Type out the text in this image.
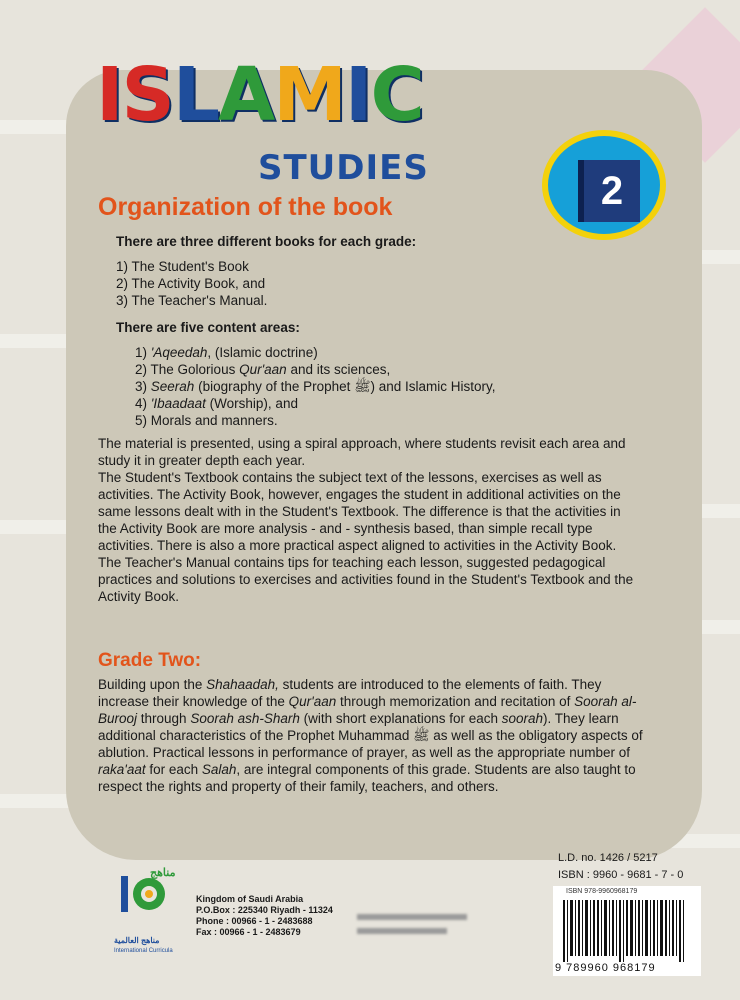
ISLAMIC
STUDIES
2
Organization of the book

There are three different books for each grade:

1) The Student's Book
2) The Activity Book, and
3) The Teacher's Manual.

There are five content areas:

1) 'Aqeedah, (Islamic doctrine)
2) The Golorious Qur'aan and its sciences,
3) Seerah (biography of the Prophet ﷺ) and Islamic History,
4) 'Ibaadaat (Worship), and
5) Morals and manners.
The material is presented, using a spiral approach, where students revisit each area and study it in greater depth each year.
The Student's Textbook contains the subject text of the lessons, exercises as well as activities. The Activity Book, however, engages the student in additional activities on the same lessons dealt with in the Student's Textbook. The difference is that the activities in the Activity Book are more analysis - and - synthesis based, than simple recall type activities. There is also a more practical aspect aligned to activities in the Activity Book.
The Teacher's Manual contains tips for teaching each lesson, suggested pedagogical practices and solutions to exercises and activities found in the Student's Textbook and the Activity Book.
Grade Two:

Building upon the Shahaadah, students are introduced to the elements of faith. They increase their knowledge of the Qur'aan through memorization and recitation of Soorah al-Burooj through Soorah ash-Sharh (with short explanations for each soorah). They learn additional characteristics of the Prophet Muhammad ﷺ as well as the obligatory aspects of ablution. Practical lessons in performance of prayer, as well as the appropriate number of raka'aat for each Salah, are integral components of this grade. Students are also taught to respect the rights and property of their family, teachers, and others.

مناهج العالمية
International Curricula
مناهج
Kingdom of Saudi Arabia
P.O.Box : 225340 Riyadh - 11324
Phone : 00966 - 1 - 2483688
Fax : 00966 - 1 - 2483679
L.D. no. 1426 / 5217
ISBN : 9960 - 9681 - 7 - 0
ISBN 978-9960968179
9 789960 968179
